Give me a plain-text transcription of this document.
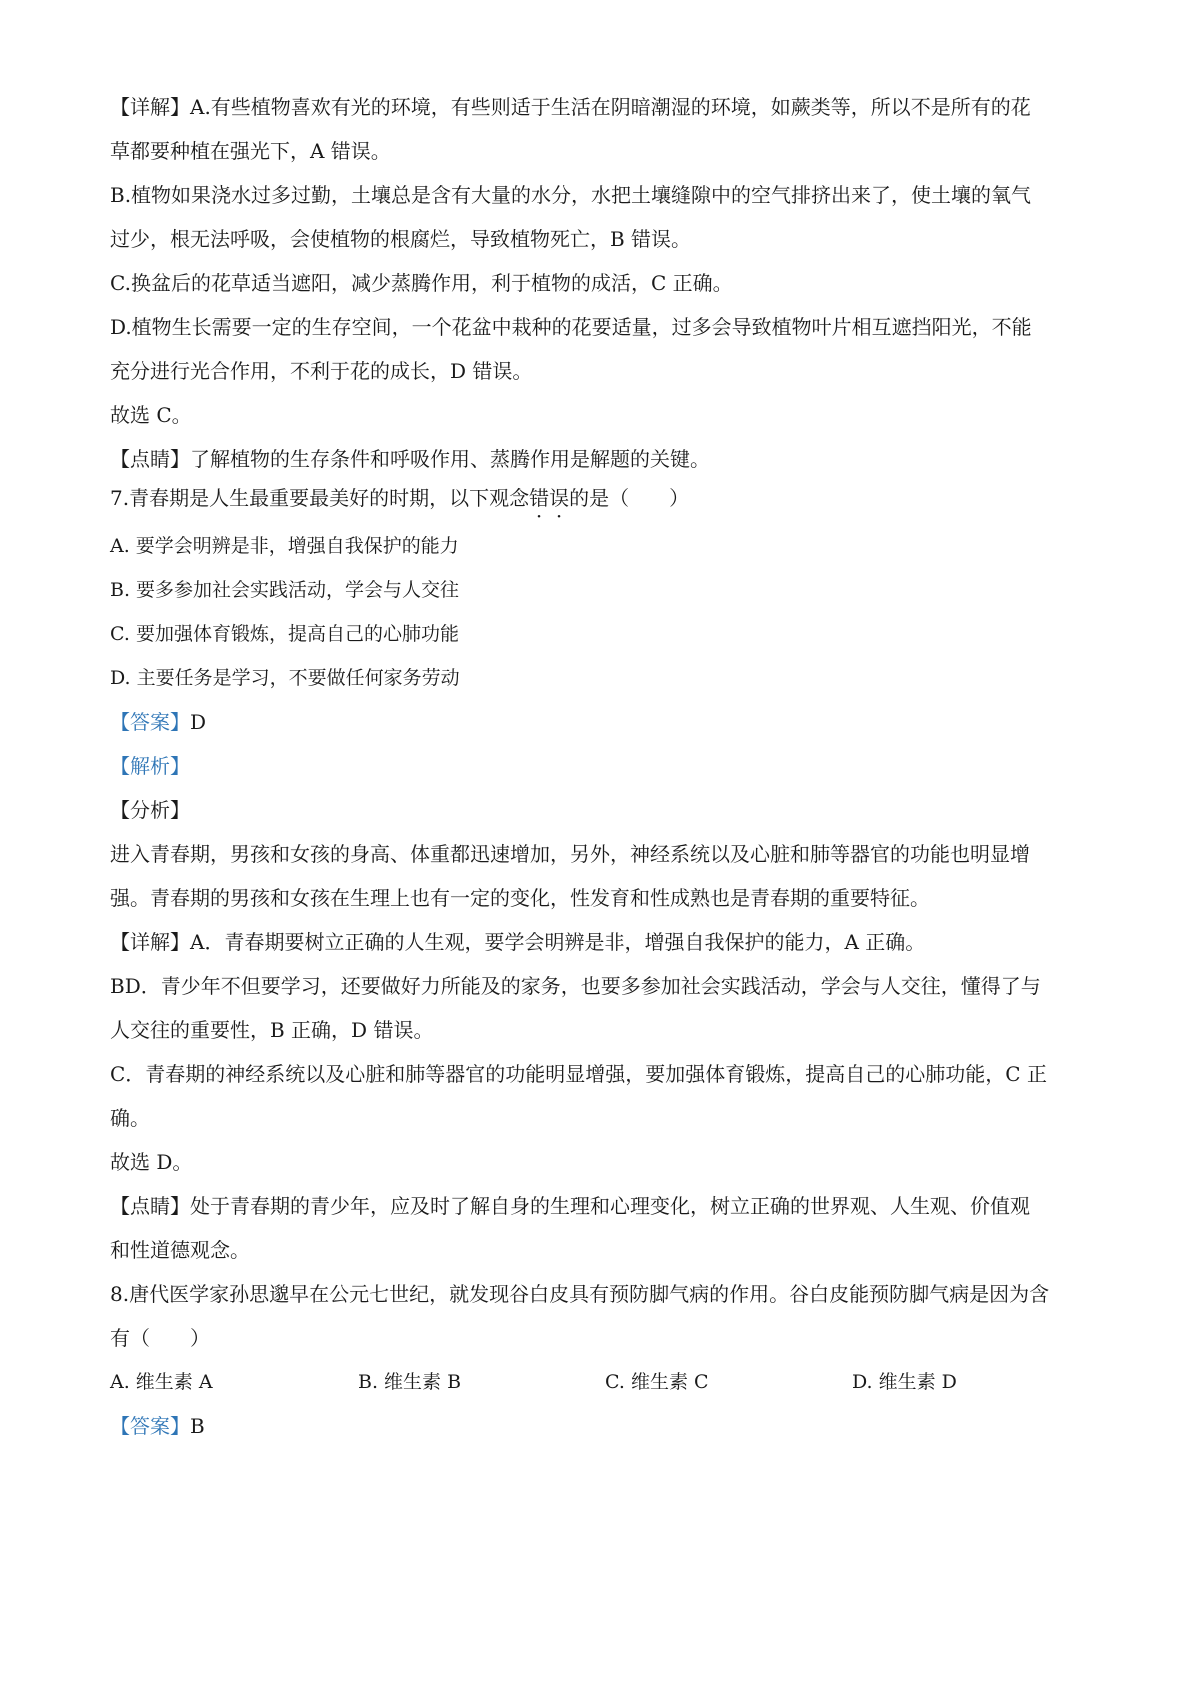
【详解】A.有些植物喜欢有光的环境，有些则适于生活在阴暗潮湿的环境，如蕨类等，所以不是所有的花
草都要种植在强光下，A 错误。
B.植物如果浇水过多过勤，土壤总是含有大量的水分，水把土壤缝隙中的空气排挤出来了，使土壤的氧气
过少，根无法呼吸，会使植物的根腐烂，导致植物死亡，B 错误。
C.换盆后的花草适当遮阳，减少蒸腾作用，利于植物的成活，C 正确。
D.植物生长需要一定的生存空间，一个花盆中栽种的花要适量，过多会导致植物叶片相互遮挡阳光，不能
充分进行光合作用，不利于花的成长，D 错误。
故选 C。
【点睛】了解植物的生存条件和呼吸作用、蒸腾作用是解题的关键。
7.青春期是人生最重要最美好的时期，以下观念错误的是（　　）
A. 要学会明辨是非，增强自我保护的能力
B. 要多参加社会实践活动，学会与人交往
C. 要加强体育锻炼，提高自己的心肺功能
D. 主要任务是学习，不要做任何家务劳动
【答案】D
【解析】
【分析】
进入青春期，男孩和女孩的身高、体重都迅速增加，另外，神经系统以及心脏和肺等器官的功能也明显增
强。青春期的男孩和女孩在生理上也有一定的变化，性发育和性成熟也是青春期的重要特征。
【详解】A．青春期要树立正确的人生观，要学会明辨是非，增强自我保护的能力，A 正确。
BD．青少年不但要学习，还要做好力所能及的家务，也要多参加社会实践活动，学会与人交往，懂得了与
人交往的重要性，B 正确，D 错误。
C．青春期的神经系统以及心脏和肺等器官的功能明显增强，要加强体育锻炼，提高自己的心肺功能，C 正
确。
故选 D。
【点睛】处于青春期的青少年，应及时了解自身的生理和心理变化，树立正确的世界观、人生观、价值观
和性道德观念。
8.唐代医学家孙思邈早在公元七世纪，就发现谷白皮具有预防脚气病的作用。谷白皮能预防脚气病是因为含
有（　　）
A. 维生素 A	B. 维生素 B	C. 维生素 C	D. 维生素 D
【答案】B
